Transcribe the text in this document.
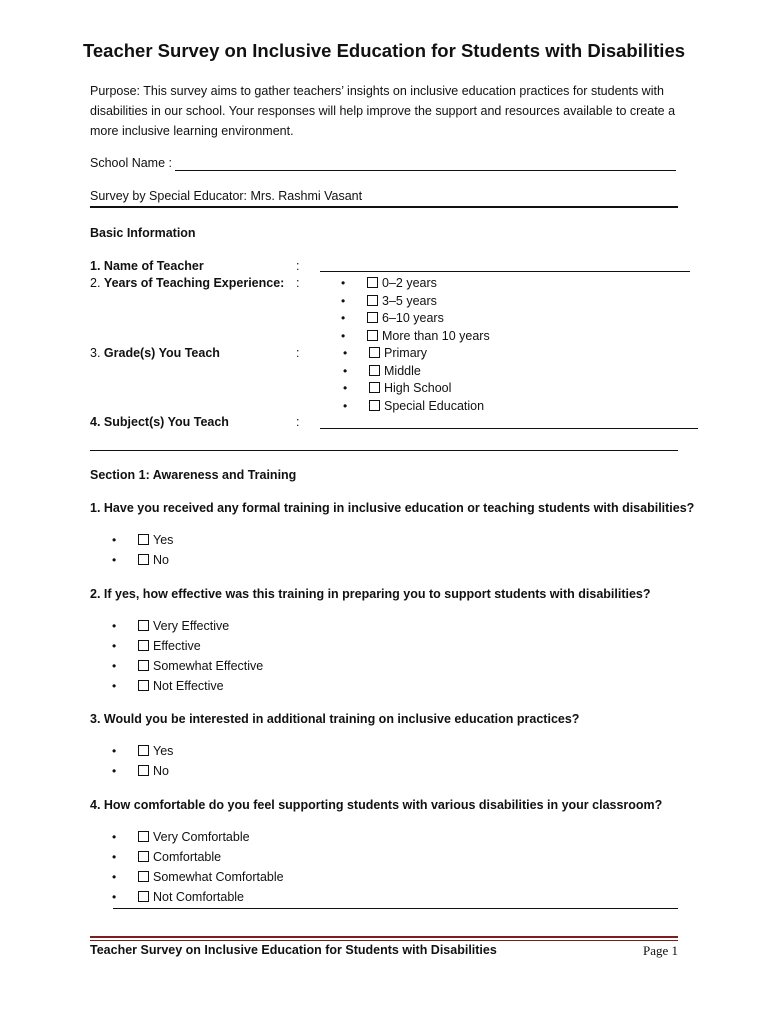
Teacher Survey on Inclusive Education for Students with Disabilities
Purpose: This survey aims to gather teachers’ insights on inclusive education practices for students with disabilities in our school. Your responses will help improve the support and resources available to create a more inclusive learning environment.
School Name :
Survey by Special Educator: Mrs. Rashmi Vasant
Basic Information
1. Name of Teacher	:
2. Years of Teaching Experience: :	•	0–2 years
•	3–5 years
•	6–10 years
•	More than 10 years
3. Grade(s) You Teach	:	•	Primary
•	Middle
•	High School
•	Special Education
4. Subject(s) You Teach	:
Section 1: Awareness and Training
1. Have you received any formal training in inclusive education or teaching students with disabilities?
•	Yes
•	No
2. If yes, how effective was this training in preparing you to support students with disabilities?
•	Very Effective
•	Effective
•	Somewhat Effective
•	Not Effective
3. Would you be interested in additional training on inclusive education practices?
•	Yes
•	No
4. How comfortable do you feel supporting students with various disabilities in your classroom?
•	Very Comfortable
•	Comfortable
•	Somewhat Comfortable
•	Not Comfortable
Teacher Survey on Inclusive Education for Students with Disabilities	Page 1
